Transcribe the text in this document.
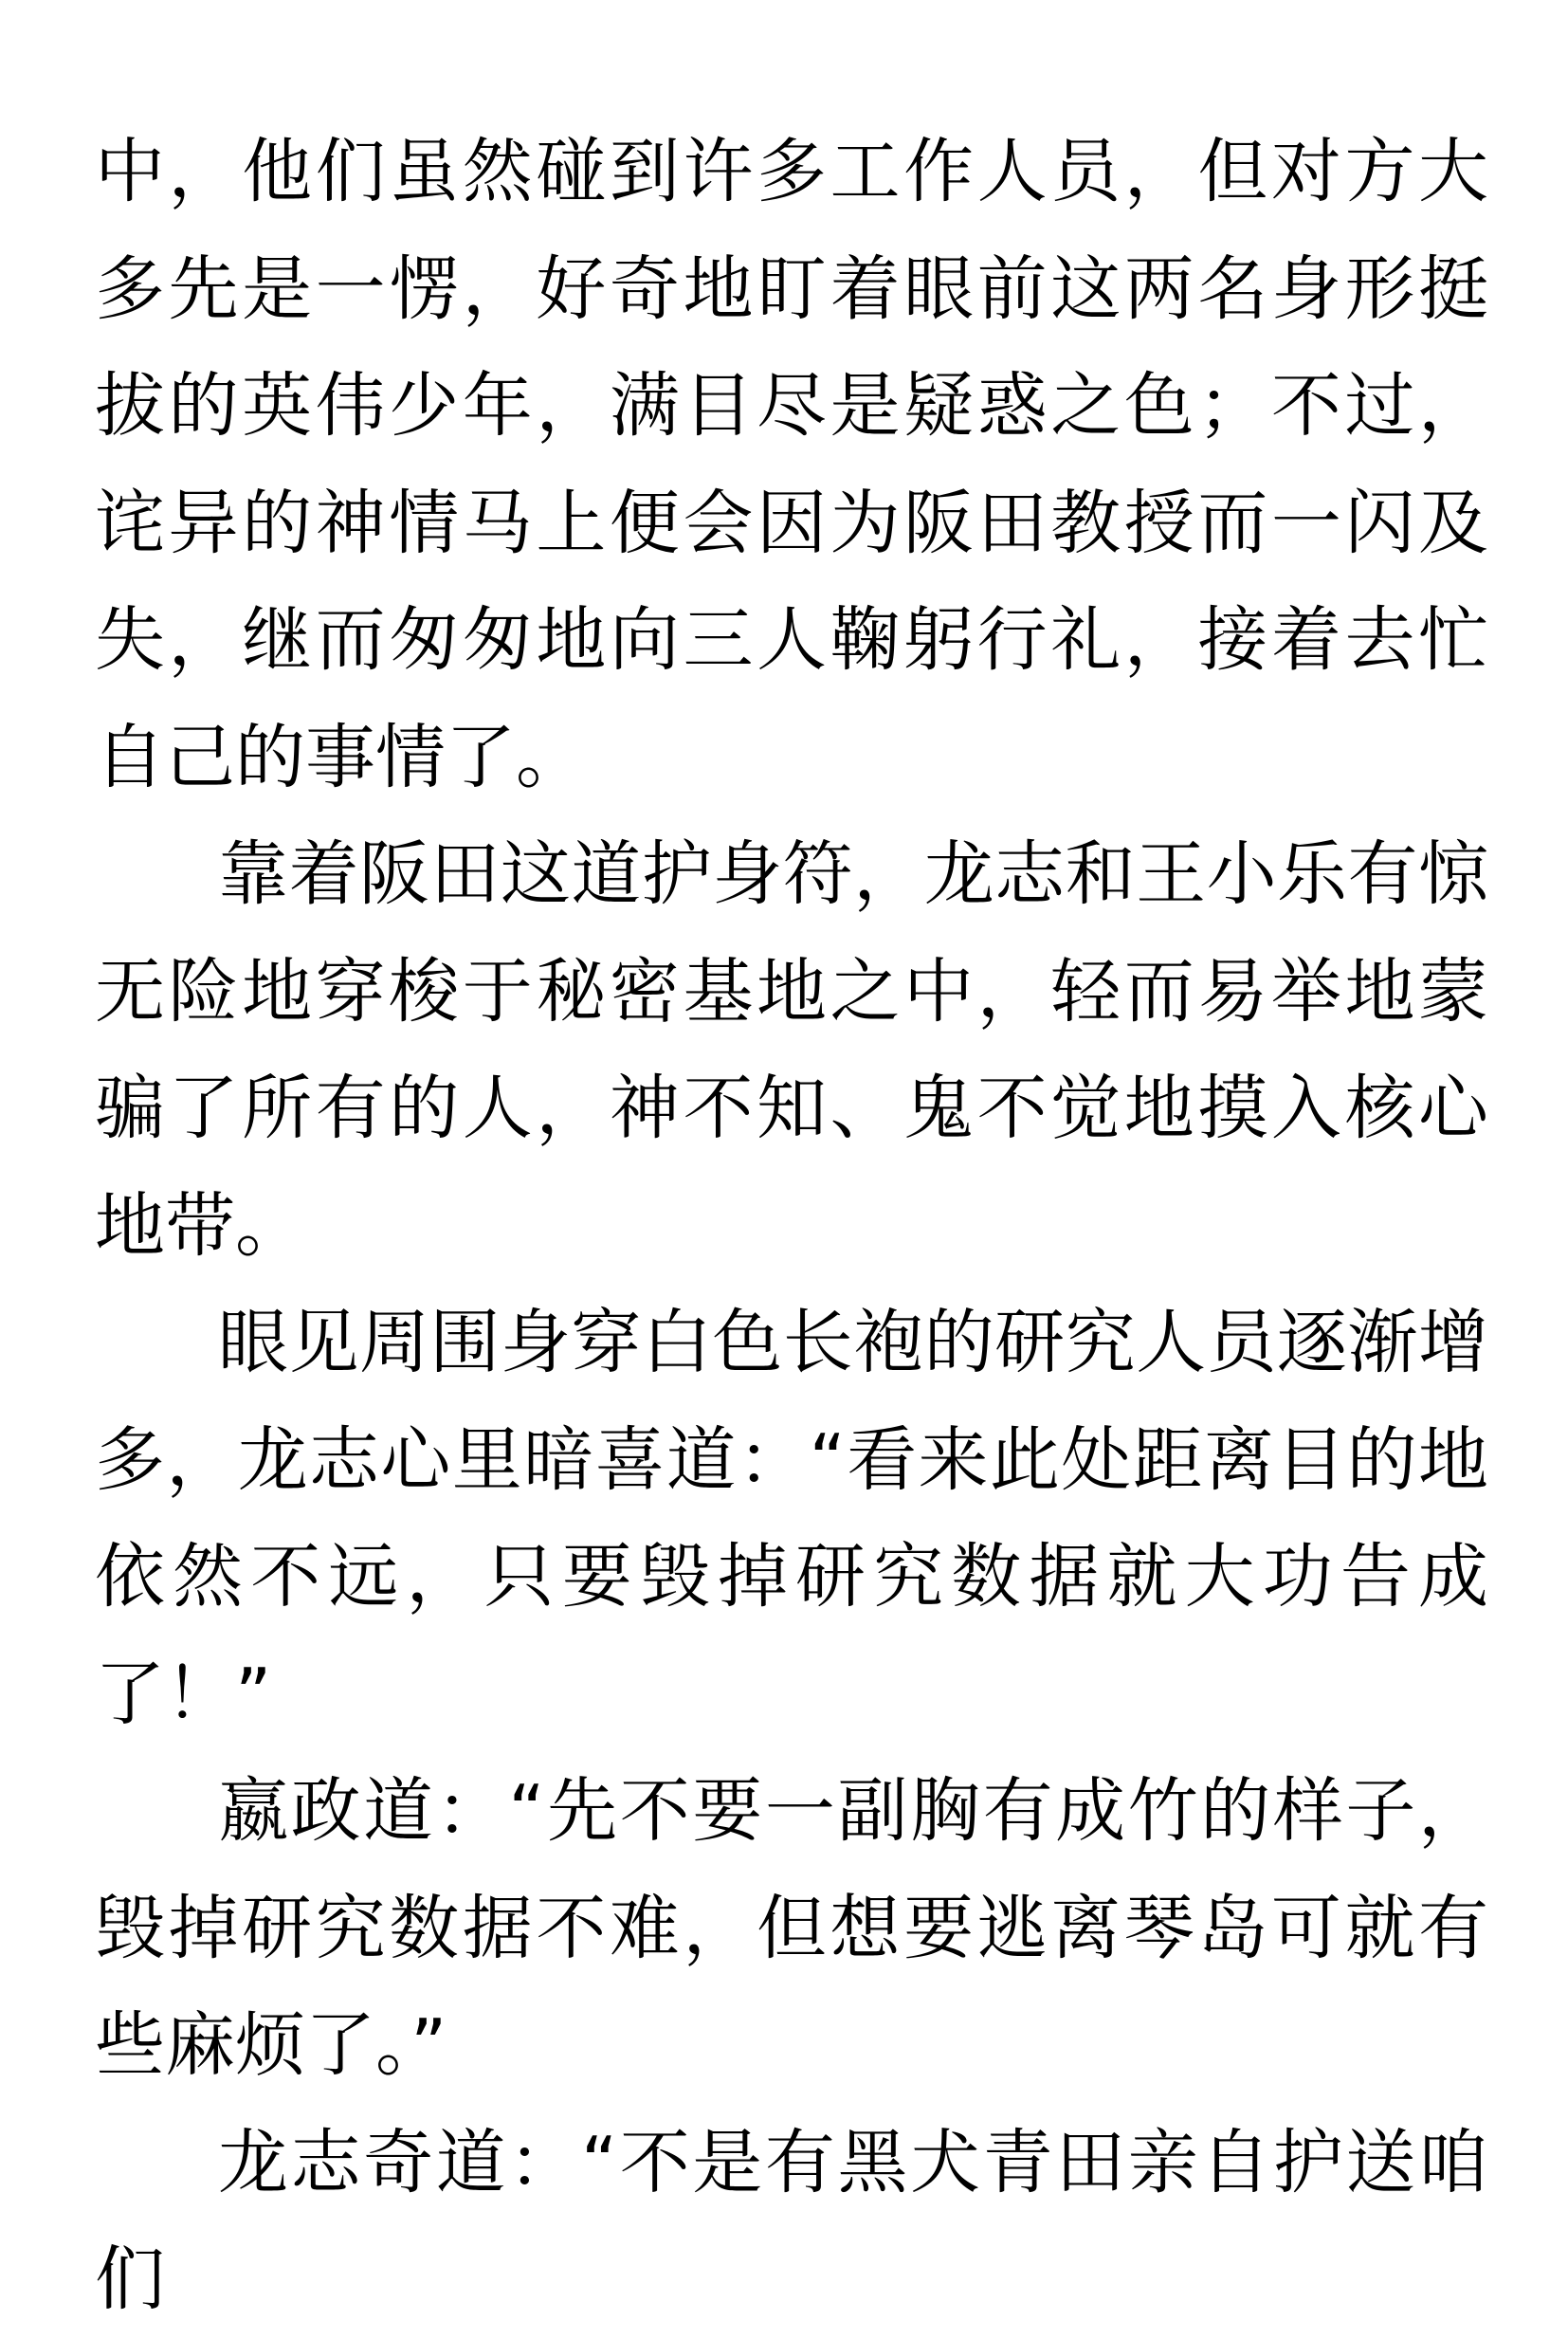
中，他们虽然碰到许多工作人员，但对方大多先是一愣，好奇地盯着眼前这两名身形挺拔的英伟少年，满目尽是疑惑之色；不过，诧异的神情马上便会因为阪田教授而一闪及失，继而匆匆地向三人鞠躬行礼，接着去忙自己的事情了。

靠着阪田这道护身符，龙志和王小乐有惊无险地穿梭于秘密基地之中，轻而易举地蒙骗了所有的人，神不知、鬼不觉地摸入核心地带。

眼见周围身穿白色长袍的研究人员逐渐增多，龙志心里暗喜道：“看来此处距离目的地依然不远，只要毁掉研究数据就大功告成了！”

嬴政道：“先不要一副胸有成竹的样子，毁掉研究数据不难，但想要逃离琴岛可就有些麻烦了。”

龙志奇道：“不是有黑犬青田亲自护送咱们
